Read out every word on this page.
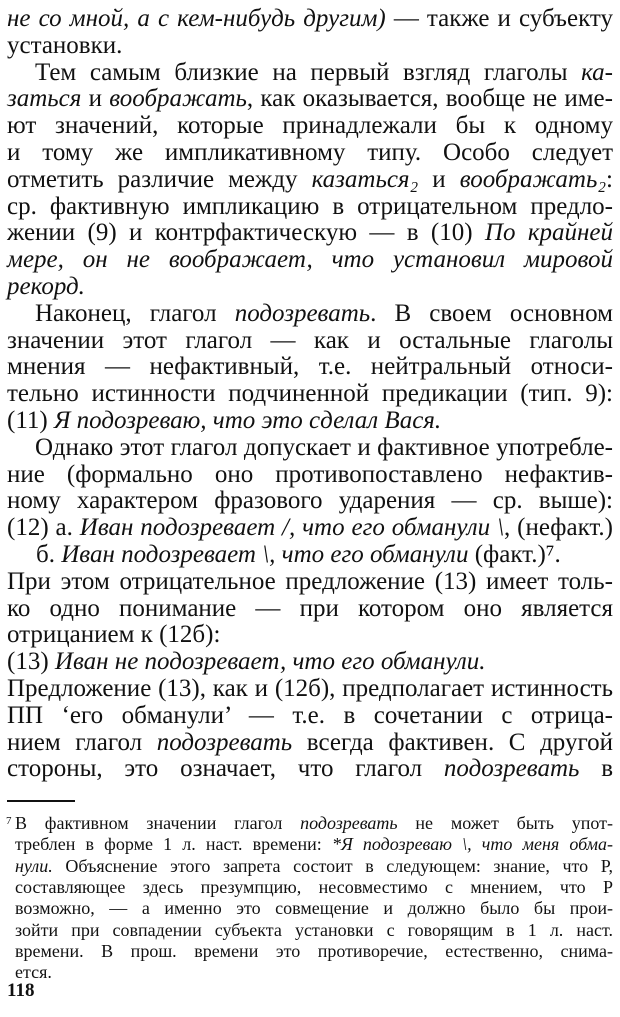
не со мной, а с кем-нибудь другим) — также и субъекту

установки.

Тем самым близкие на первый взгляд глаголы ка-

заться и воображать, как оказывается, вообще не име-

ют значений, которые принадлежали бы к одному

и тому же импликативному типу. Особо следует

отметить различие между казаться₂ и воображать₂:

ср. фактивную импликацию в отрицательном предло-

жении (9) и контрфактическую — в (10) По крайней

мере, он не воображает, что установил мировой

рекорд.

Наконец, глагол подозревать. В своем основном

значении этот глагол — как и остальные глаголы

мнения — нефактивный, т.е. нейтральный относи-

тельно истинности подчиненной предикации (тип. 9):

(11) Я подозреваю, что это сделал Вася.

Однако этот глагол допускает и фактивное употребле-

ние (формально оно противопоставлено нефактив-

ному характером фразового ударения — ср. выше):

(12) а. Иван подозревает /, что его обманули \, (нефакт.)

б. Иван подозревает \, что его обманули (факт.)⁷.

При этом отрицательное предложение (13) имеет толь-

ко одно понимание — при котором оно является

отрицанием к (12б):

(13) Иван не подозревает, что его обманули.

Предложение (13), как и (12б), предполагает истинность

ПП ‘его обманули’ — т.е. в сочетании с отрица-

нием глагол подозревать всегда фактивен. С другой

стороны, это означает, что глагол подозревать в

7 В фактивном значении глагол подозревать не может быть упот-

треблен в форме 1 л. наст. времени: *Я подозреваю \, что меня обма-

нули. Объяснение этого запрета состоит в следующем: знание, что Р,

составляющее здесь презумпцию, несовместимо с мнением, что Р

возможно, — а именно это совмещение и должно было бы прои-

зойти при совпадении субъекта установки с говорящим в 1 л. наст.

времени. В прош. времени это противоречие, естественно, снима-

ется.

118
